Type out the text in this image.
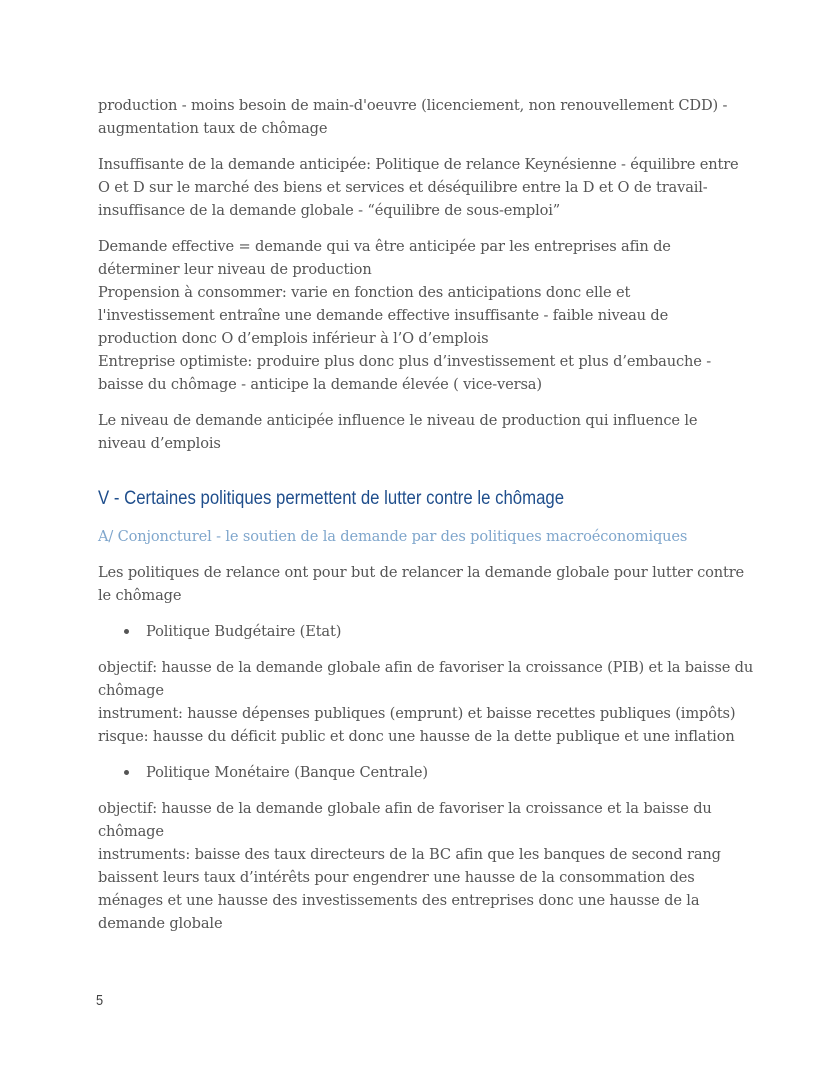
production - moins besoin de main-d'oeuvre (licenciement, non renouvellement CDD) -
augmentation taux de chômage
Insuffisante de la demande anticipée: Politique de relance Keynésienne - équilibre entre
O et D sur le marché des biens et services et déséquilibre entre la D et O de travail-
insuffisance de la demande globale - “équilibre de sous-emploi”
Demande effective = demande qui va être anticipée par les entreprises afin de
déterminer leur niveau de production
Propension à consommer: varie en fonction des anticipations donc elle et
l'investissement entraîne une demande effective insuffisante - faible niveau de
production donc O d’emplois inférieur à l’O d’emplois
Entreprise optimiste: produire plus donc plus d’investissement et plus d’embauche -
baisse du chômage - anticipe la demande élevée ( vice-versa)
Le niveau de demande anticipée influence le niveau de production qui influence le
niveau d’emplois
V - Certaines politiques permettent de lutter contre le chômage
A/ Conjoncturel - le soutien de la demande par des politiques macroéconomiques
Les politiques de relance ont pour but de relancer la demande globale pour lutter contre
le chômage
Politique Budgétaire (Etat)
objectif: hausse de la demande globale afin de favoriser la croissance (PIB) et la baisse du
chômage
instrument: hausse dépenses publiques (emprunt) et baisse recettes publiques (impôts)
risque: hausse du déficit public et donc une hausse de la dette publique et une inflation
Politique Monétaire (Banque Centrale)
objectif: hausse de la demande globale afin de favoriser la croissance et la baisse du
chômage
instruments: baisse des taux directeurs de la BC afin que les banques de second rang
baissent leurs taux d’intérêts pour engendrer une hausse de la consommation des
ménages et une hausse des investissements des entreprises donc une hausse de la
demande globale
5
